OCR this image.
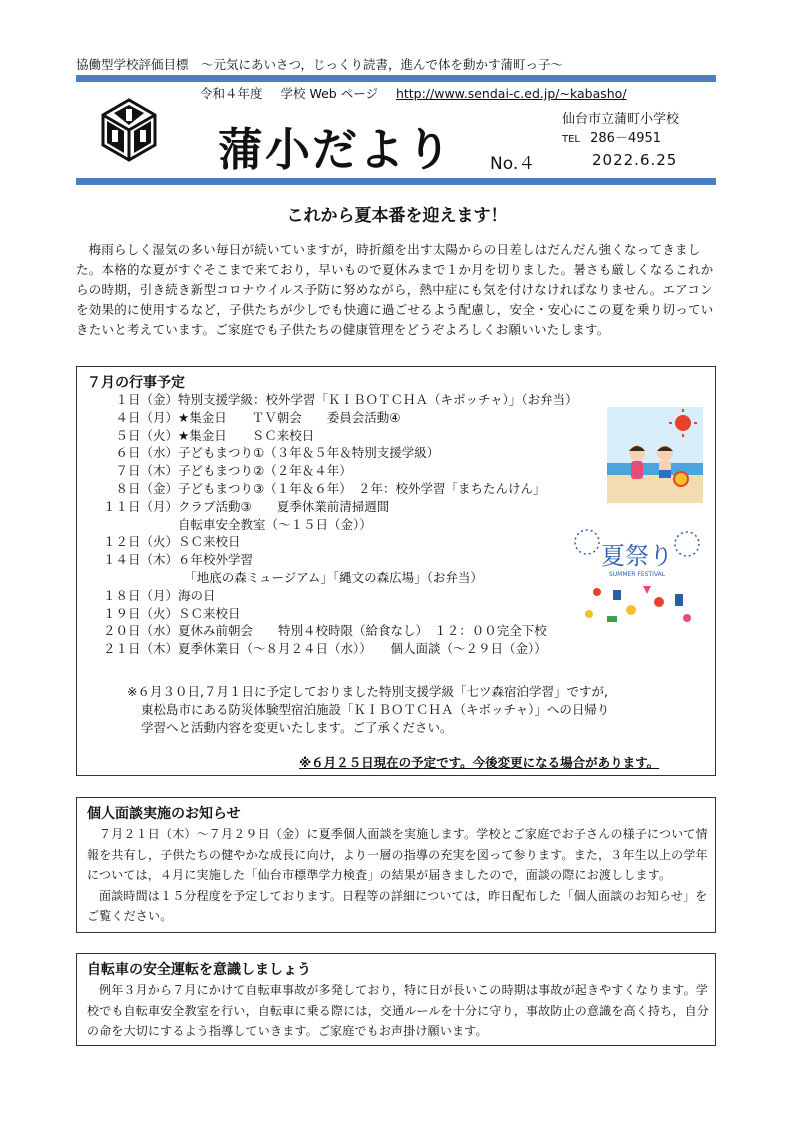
協働型学校評価目標　～元気にあいさつ，じっくり読書，進んで体を動かす蒲町っ子～
令和４年度 学校 Web ページ http://www.sendai-c.ed.jp/~kabasho/
蒲小だより No.４
仙台市立蒲町小学校
TEL 286－4951
2022.6.25
これから夏本番を迎えます！

梅雨らしく湿気の多い毎日が続いていますが，時折顔を出す太陽からの日差しはだんだん強くなってきました。本格的な夏がすぐそこまで来ており，早いもので夏休みまで１か月を切りました。暑さも厳しくなるこれからの時期，引き続き新型コロナウイルス予防に努めながら，熱中症にも気を付けなければなりません。エアコンを効果的に使用するなど，子供たちが少しでも快適に過ごせるよう配慮し，安全・安心にこの夏を乗り切っていきたいと考えています。ご家庭でも子供たちの健康管理をどうぞよろしくお願いいたします。

７月の行事予定
　１日（金）特別支援学級：校外学習「ＫＩＢＯＴＣＨＡ（キボッチャ）」（お弁当）
　４日（月）★集金日　　ＴＶ朝会　　委員会活動④
　５日（火）★集金日　　ＳＣ来校日
　６日（水）子どもまつり①（３年＆５年＆特別支援学級）
　７日（木）子どもまつり②（２年＆４年）
　８日（金）子どもまつり③（１年＆６年）　２年：校外学習「まちたんけん」
１１日（月）クラブ活動③　　夏季休業前清掃週間
　　　　　　自転車安全教室（～１５日（金））
１２日（火）ＳＣ来校日
１４日（木）６年校外学習
　　　　　　　「地底の森ミュージアム」「縄文の森広場」（お弁当）
１８日（月）海の日
１９日（火）ＳＣ来校日
２０日（水）夏休み前朝会　　特別４校時限（給食なし）　１２：００完全下校
２１日（木）夏季休業日（～８月２４日（水））　　個人面談（～２９日（金））
夏祭り
SUMMER FESTIVAL
※６月３０日,７月１日に予定しておりました特別支援学級「七ツ森宿泊学習」ですが,
東松島市にある防災体験型宿泊施設「ＫＩＢＯＴＣＨＡ（キボッチャ）」への日帰り
学習へと活動内容を変更いたします。ご了承ください。
※６月２５日現在の予定です。今後変更になる場合があります。
個人面談実施のお知らせ

７月２１日（木）～７月２９日（金）に夏季個人面談を実施します。学校とご家庭でお子さんの様子について情報を共有し，子供たちの健やかな成長に向け，より一層の指導の充実を図って参ります。また，３年生以上の学年については，４月に実施した「仙台市標準学力検査」の結果が届きましたので，面談の際にお渡しします。

面談時間は１５分程度を予定しております。日程等の詳細については，昨日配布した「個人面談のお知らせ」をご覧ください。

自転車の安全運転を意識しましょう

例年３月から７月にかけて自転車事故が多発しており，特に日が長いこの時期は事故が起きやすくなります。学校でも自転車安全教室を行い，自転車に乗る際には，交通ルールを十分に守り，事故防止の意識を高く持ち，自分の命を大切にするよう指導していきます。ご家庭でもお声掛け願います。
